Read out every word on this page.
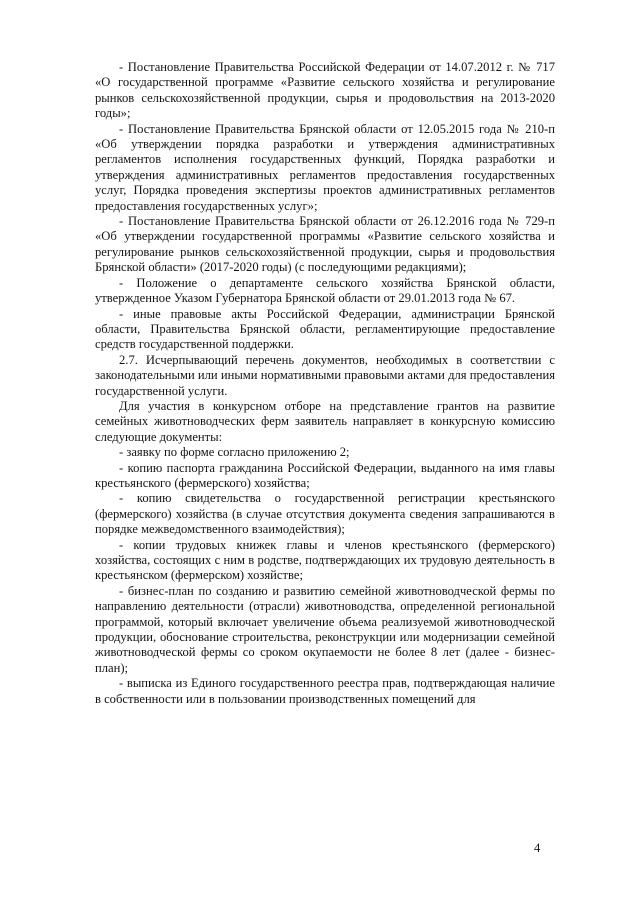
- Постановление Правительства Российской Федерации от 14.07.2012 г. № 717 «О государственной программе «Развитие сельского хозяйства и регулирование рынков сельскохозяйственной продукции, сырья и продовольствия на 2013-2020 годы»;

- Постановление Правительства Брянской области от 12.05.2015 года № 210-п «Об утверждении порядка разработки и утверждения административных регламентов исполнения государственных функций, Порядка разработки и утверждения административных регламентов предоставления государственных услуг, Порядка проведения экспертизы проектов административных регламентов предоставления государственных услуг»;

- Постановление Правительства Брянской области от 26.12.2016 года № 729-п «Об утверждении государственной программы «Развитие сельского хозяйства и регулирование рынков сельскохозяйственной продукции, сырья и продовольствия Брянской области» (2017-2020 годы) (с последующими редакциями);

- Положение о департаменте сельского хозяйства Брянской области, утвержденное Указом Губернатора Брянской области от 29.01.2013 года № 67.

- иные правовые акты Российской Федерации, администрации Брянской области, Правительства Брянской области, регламентирующие предоставление средств государственной поддержки.

2.7. Исчерпывающий перечень документов, необходимых в соответствии с законодательными или иными нормативными правовыми актами для предоставления государственной услуги.

Для участия в конкурсном отборе на представление грантов на развитие семейных животноводческих ферм заявитель направляет в конкурсную комиссию следующие документы:

- заявку по форме согласно приложению 2;

- копию паспорта гражданина Российской Федерации, выданного на имя главы крестьянского (фермерского) хозяйства;

- копию свидетельства о государственной регистрации крестьянского (фермерского) хозяйства (в случае отсутствия документа сведения запрашиваются в порядке межведомственного взаимодействия);

- копии трудовых книжек главы и членов крестьянского (фермерского) хозяйства, состоящих с ним в родстве, подтверждающих их трудовую деятельность в крестьянском (фермерском) хозяйстве;

- бизнес-план по созданию и развитию семейной животноводческой фермы по направлению деятельности (отрасли) животноводства, определенной региональной программой, который включает увеличение объема реализуемой животноводческой продукции, обоснование строительства, реконструкции или модернизации семейной животноводческой фермы со сроком окупаемости не более 8 лет (далее - бизнес-план);

- выписка из Единого государственного реестра прав, подтверждающая наличие в собственности или в пользовании производственных помещений для

4
